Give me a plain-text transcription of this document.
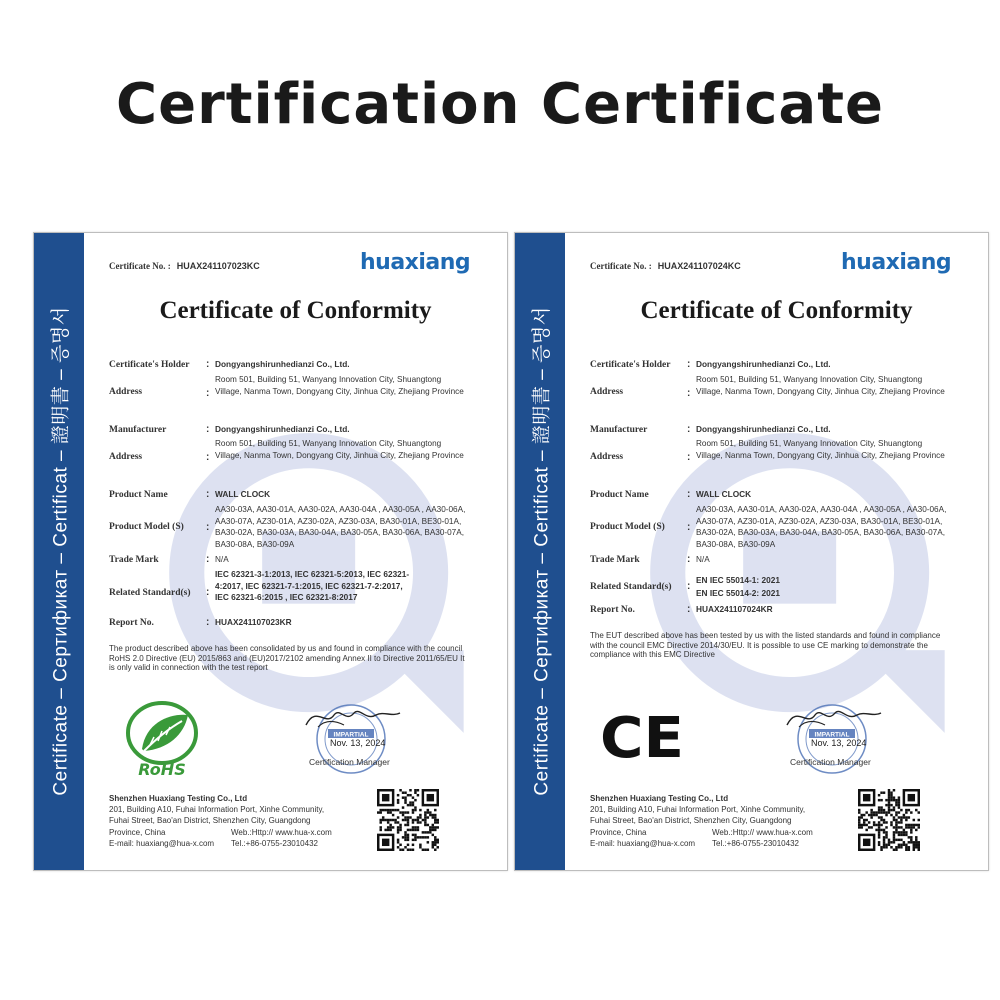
Certification Certificate
Certificate – Сертификат – Certificat – 證明書 – 증명서
Certificate No. : HUAX241107023KC	huaxiang
Certificate of Conformity
Certificate's Holder : Dongyangshirunhedianzi Co., Ltd.
Address	:
Room 501, Building 51, Wanyang Innovation City, Shuangtong Village, Nanma Town, Dongyang City, Jinhua City, Zhejiang Province
Manufacturer	: Dongyangshirunhedianzi Co., Ltd.
Address	:
Room 501, Building 51, Wanyang Innovation City, Shuangtong Village, Nanma Town, Dongyang City, Jinhua City, Zhejiang Province
Product Name	: WALL CLOCK
Product Model (S) :
AA30-03A, AA30-01A, AA30-02A, AA30-04A , AA30-05A , AA30-06A, AA30-07A, AZ30-01A, AZ30-02A, AZ30-03A, BA30-01A, BE30-01A, BA30-02A, BA30-03A, BA30-04A, BA30-05A, BA30-06A, BA30-07A, BA30-08A, BA30-09A
Trade Mark	: N/A
Related Standard(s) :
IEC 62321-3-1:2013, IEC 62321-5:2013, IEC 62321-4:2017, IEC 62321-7-1:2015, IEC 62321-7-2:2017, IEC 62321-6:2015 , IEC 62321-8:2017
Report No.	: HUAX241107023KR
The product described above has been consolidated by us and found in compliance with the council RoHS 2.0 Directive (EU) 2015/863 and (EU)2017/2102 amending Annex II to Directive 2011/65/EU It is only valid in connection with the test report
RoHS
IMPARTIAL
Nov. 13, 2024
Certification Manager
Shenzhen Huaxiang Testing Co., Ltd
201, Building A10, Fuhai Information Port, Xinhe Community,
Fuhai Street, Bao'an District, Shenzhen City, Guangdong
Province, China	Web.:Http:// www.hua-x.com
E-mail: huaxiang@hua-x.com Tel.:+86-0755-23010432
Certificate – Сертификат – Certificat – 證明書 – 증명서
Certificate No. : HUAX241107024KC	huaxiang
Certificate of Conformity
Certificate's Holder : Dongyangshirunhedianzi Co., Ltd.
Address	:
Room 501, Building 51, Wanyang Innovation City, Shuangtong Village, Nanma Town, Dongyang City, Jinhua City, Zhejiang Province
Manufacturer	: Dongyangshirunhedianzi Co., Ltd.
Address	:
Room 501, Building 51, Wanyang Innovation City, Shuangtong Village, Nanma Town, Dongyang City, Jinhua City, Zhejiang Province
Product Name	: WALL CLOCK
Product Model (S) :
AA30-03A, AA30-01A, AA30-02A, AA30-04A , AA30-05A , AA30-06A, AA30-07A, AZ30-01A, AZ30-02A, AZ30-03A, BA30-01A, BE30-01A, BA30-02A, BA30-03A, BA30-04A, BA30-05A, BA30-06A, BA30-07A, BA30-08A, BA30-09A
Trade Mark	: N/A
Related Standard(s) :
EN IEC 55014-1: 2021
EN IEC 55014-2: 2021
Report No.	: HUAX241107024KR
The EUT described above has been tested by us with the listed standards and found in compliance with the council EMC Directive 2014/30/EU. It is possible to use CE marking to demonstrate the compliance with this EMC Directive
CE	IMPARTIAL
Nov. 13, 2024
Certification Manager
Shenzhen Huaxiang Testing Co., Ltd
201, Building A10, Fuhai Information Port, Xinhe Community,
Fuhai Street, Bao'an District, Shenzhen City, Guangdong
Province, China	Web.:Http:// www.hua-x.com
E-mail: huaxiang@hua-x.com Tel.:+86-0755-23010432
